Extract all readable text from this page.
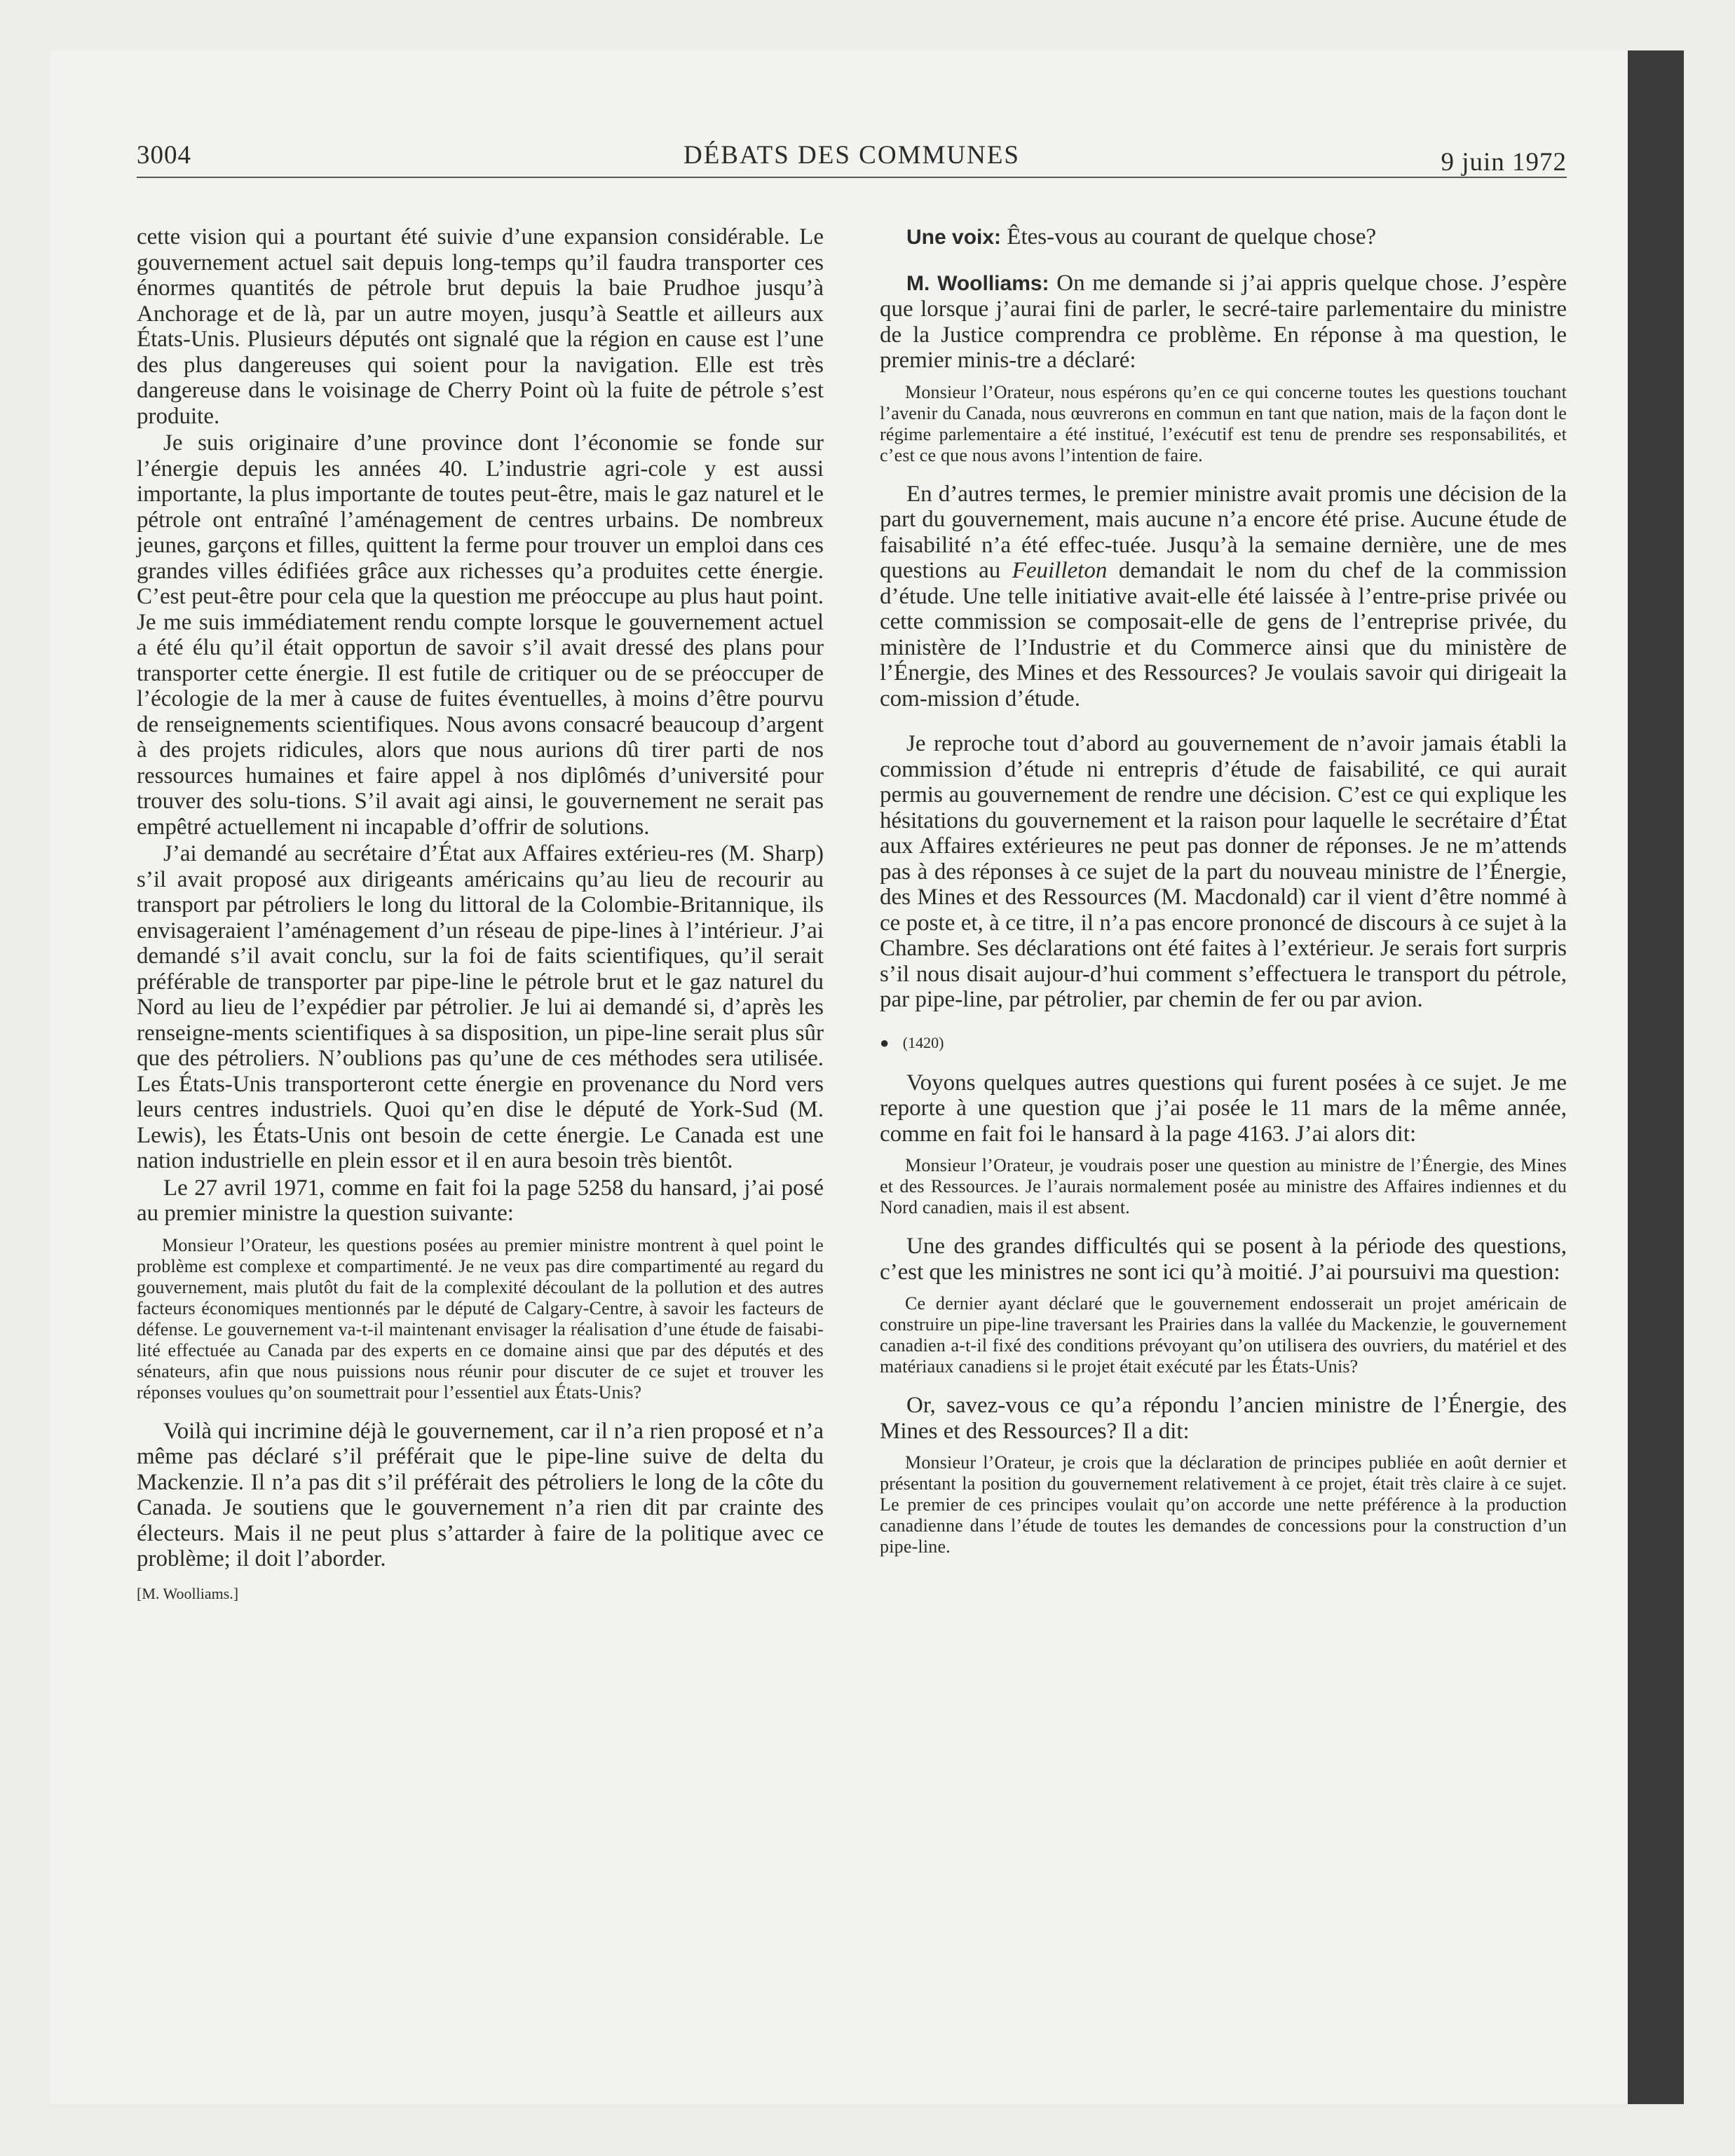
3004	DÉBATS DES COMMUNES	9 juin 1972

cette vision qui a pourtant été suivie d’une expansion considérable. Le gouvernement actuel sait depuis long-temps qu’il faudra transporter ces énormes quantités de pétrole brut depuis la baie Prudhoe jusqu’à Anchorage et de là, par un autre moyen, jusqu’à Seattle et ailleurs aux États-Unis. Plusieurs députés ont signalé que la région en cause est l’une des plus dangereuses qui soient pour la navigation. Elle est très dangereuse dans le voisinage de Cherry Point où la fuite de pétrole s’est produite.

Je suis originaire d’une province dont l’économie se fonde sur l’énergie depuis les années 40. L’industrie agri-cole y est aussi importante, la plus importante de toutes peut-être, mais le gaz naturel et le pétrole ont entraîné l’aménagement de centres urbains. De nombreux jeunes, garçons et filles, quittent la ferme pour trouver un emploi dans ces grandes villes édifiées grâce aux richesses qu’a produites cette énergie. C’est peut-être pour cela que la question me préoccupe au plus haut point. Je me suis immédiatement rendu compte lorsque le gouvernement actuel a été élu qu’il était opportun de savoir s’il avait dressé des plans pour transporter cette énergie. Il est futile de critiquer ou de se préoccuper de l’écologie de la mer à cause de fuites éventuelles, à moins d’être pourvu de renseignements scientifiques. Nous avons consacré beaucoup d’argent à des projets ridicules, alors que nous aurions dû tirer parti de nos ressources humaines et faire appel à nos diplômés d’université pour trouver des solu-tions. S’il avait agi ainsi, le gouvernement ne serait pas empêtré actuellement ni incapable d’offrir de solutions.

J’ai demandé au secrétaire d’État aux Affaires extérieu-res (M. Sharp) s’il avait proposé aux dirigeants américains qu’au lieu de recourir au transport par pétroliers le long du littoral de la Colombie-Britannique, ils envisageraient l’aménagement d’un réseau de pipe-lines à l’intérieur. J’ai demandé s’il avait conclu, sur la foi de faits scientifiques, qu’il serait préférable de transporter par pipe-line le pétrole brut et le gaz naturel du Nord au lieu de l’expédier par pétrolier. Je lui ai demandé si, d’après les renseigne-ments scientifiques à sa disposition, un pipe-line serait plus sûr que des pétroliers. N’oublions pas qu’une de ces méthodes sera utilisée. Les États-Unis transporteront cette énergie en provenance du Nord vers leurs centres industriels. Quoi qu’en dise le député de York-Sud (M. Lewis), les États-Unis ont besoin de cette énergie. Le Canada est une nation industrielle en plein essor et il en aura besoin très bientôt.

Le 27 avril 1971, comme en fait foi la page 5258 du hansard, j’ai posé au premier ministre la question suivante:

Monsieur l’Orateur, les questions posées au premier ministre montrent à quel point le problème est complexe et compartimenté. Je ne veux pas dire compartimenté au regard du gouvernement, mais plutôt du fait de la complexité découlant de la pollution et des autres facteurs économiques mentionnés par le député de Calgary-Centre, à savoir les facteurs de défense. Le gouvernement va-t-il maintenant envisager la réalisation d’une étude de faisabi-lité effectuée au Canada par des experts en ce domaine ainsi que par des députés et des sénateurs, afin que nous puissions nous réunir pour discuter de ce sujet et trouver les réponses voulues qu’on soumettrait pour l’essentiel aux États-Unis?

Voilà qui incrimine déjà le gouvernement, car il n’a rien proposé et n’a même pas déclaré s’il préférait que le pipe-line suive de delta du Mackenzie. Il n’a pas dit s’il préférait des pétroliers le long de la côte du Canada. Je soutiens que le gouvernement n’a rien dit par crainte des électeurs. Mais il ne peut plus s’attarder à faire de la politique avec ce problème; il doit l’aborder.

[M. Woolliams.]

Une voix: Êtes-vous au courant de quelque chose?

M. Woolliams: On me demande si j’ai appris quelque chose. J’espère que lorsque j’aurai fini de parler, le secré-taire parlementaire du ministre de la Justice comprendra ce problème. En réponse à ma question, le premier minis-tre a déclaré:

Monsieur l’Orateur, nous espérons qu’en ce qui concerne toutes les questions touchant l’avenir du Canada, nous œuvrerons en commun en tant que nation, mais de la façon dont le régime parlementaire a été institué, l’exécutif est tenu de prendre ses responsabilités, et c’est ce que nous avons l’intention de faire.

En d’autres termes, le premier ministre avait promis une décision de la part du gouvernement, mais aucune n’a encore été prise. Aucune étude de faisabilité n’a été effec-tuée. Jusqu’à la semaine dernière, une de mes questions au Feuilleton demandait le nom du chef de la commission d’étude. Une telle initiative avait-elle été laissée à l’entre-prise privée ou cette commission se composait-elle de gens de l’entreprise privée, du ministère de l’Industrie et du Commerce ainsi que du ministère de l’Énergie, des Mines et des Ressources? Je voulais savoir qui dirigeait la com-mission d’étude.

Je reproche tout d’abord au gouvernement de n’avoir jamais établi la commission d’étude ni entrepris d’étude de faisabilité, ce qui aurait permis au gouvernement de rendre une décision. C’est ce qui explique les hésitations du gouvernement et la raison pour laquelle le secrétaire d’État aux Affaires extérieures ne peut pas donner de réponses. Je ne m’attends pas à des réponses à ce sujet de la part du nouveau ministre de l’Énergie, des Mines et des Ressources (M. Macdonald) car il vient d’être nommé à ce poste et, à ce titre, il n’a pas encore prononcé de discours à ce sujet à la Chambre. Ses déclarations ont été faites à l’extérieur. Je serais fort surpris s’il nous disait aujour-d’hui comment s’effectuera le transport du pétrole, par pipe-line, par pétrolier, par chemin de fer ou par avion.

● (1420)

Voyons quelques autres questions qui furent posées à ce sujet. Je me reporte à une question que j’ai posée le 11 mars de la même année, comme en fait foi le hansard à la page 4163. J’ai alors dit:

Monsieur l’Orateur, je voudrais poser une question au ministre de l’Énergie, des Mines et des Ressources. Je l’aurais normalement posée au ministre des Affaires indiennes et du Nord canadien, mais il est absent.

Une des grandes difficultés qui se posent à la période des questions, c’est que les ministres ne sont ici qu’à moitié. J’ai poursuivi ma question:

Ce dernier ayant déclaré que le gouvernement endosserait un projet américain de construire un pipe-line traversant les Prairies dans la vallée du Mackenzie, le gouvernement canadien a-t-il fixé des conditions prévoyant qu’on utilisera des ouvriers, du matériel et des matériaux canadiens si le projet était exécuté par les États-Unis?

Or, savez-vous ce qu’a répondu l’ancien ministre de l’Énergie, des Mines et des Ressources? Il a dit:

Monsieur l’Orateur, je crois que la déclaration de principes publiée en août dernier et présentant la position du gouvernement relativement à ce projet, était très claire à ce sujet. Le premier de ces principes voulait qu’on accorde une nette préférence à la production canadienne dans l’étude de toutes les demandes de concessions pour la construction d’un pipe-line.
